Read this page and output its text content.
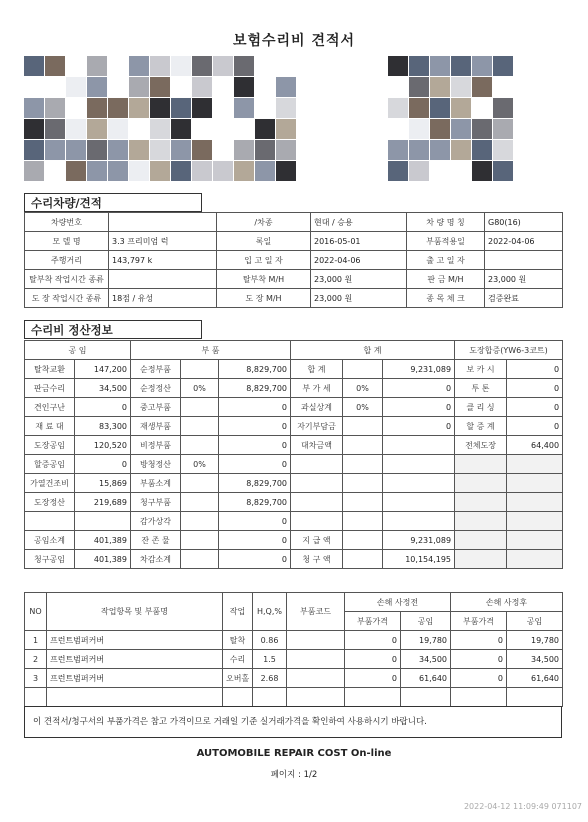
보험수리비 견적서
수리차량/견적
차량번호		/차종	현대 / 승용	차 량 명 칭	G80(16)
모 델 명	3.3 프리미엄 럭	록일	2016-05-01	부품적용일	2022-04-06
주행거리	143,797 k	입 고 일 자	2022-04-06	출 고 일 자	
탈부착 작업시간 종류		탈부착 M/H	23,000 원	판 금 M/H	23,000 원
도 장 작업시간 종류	18점 / 유성	도 장 M/H	23,000 원	종 목 체 크	검증완료
수리비 정산정보
공 임		부 품			합 계			도장합증(YW6-3코트)	
탈착교환	147,200	순정부품		8,829,700	합 계		9,231,089	보 카 시	0
판금수리	34,500	순정정산	0%	8,829,700	부 가 세	0%	0	투 톤	0
견인구난	0	중고부품		0	과실상계	0%	0	클 리 싱	0
재 료 대	83,300	재생부품		0	자기부담금		0	할 증 계	0
도장공임	120,520	비정부품		0	대차금액			전체도장	64,400
할증공임	0	방청정산	0%	0					
가열건조비	15,869	부품소계		8,829,700					
도장정산	219,689	청구부품		8,829,700					
		감가상각		0					
공임소계	401,389	잔 존 물		0	지 급 액		9,231,089		
청구공임	401,389	차감소계		0	청 구 액		10,154,195		
NO	작업항목 및 부품명	작업	H,Q,%	부품코드	손해 사정전		손해 사정후	
					부품가격	공임	부품가격	공임
1	프런트범퍼커버	탈착	0.86		0	19,780	0	19,780
2	프런트범퍼커버	수리	1.5		0	34,500	0	34,500
3	프런트범퍼커버	오버홀	2.68		0	61,640	0	61,640

이 견적서/청구서의 부품가격은 참고 가격이므로 거래일 기준 실거래가격을 확인하여 사용하시기 바랍니다.
AUTOMOBILE REPAIR COST On-line
페이지 : 1/2
2022-04-12 11:09:49 071107
